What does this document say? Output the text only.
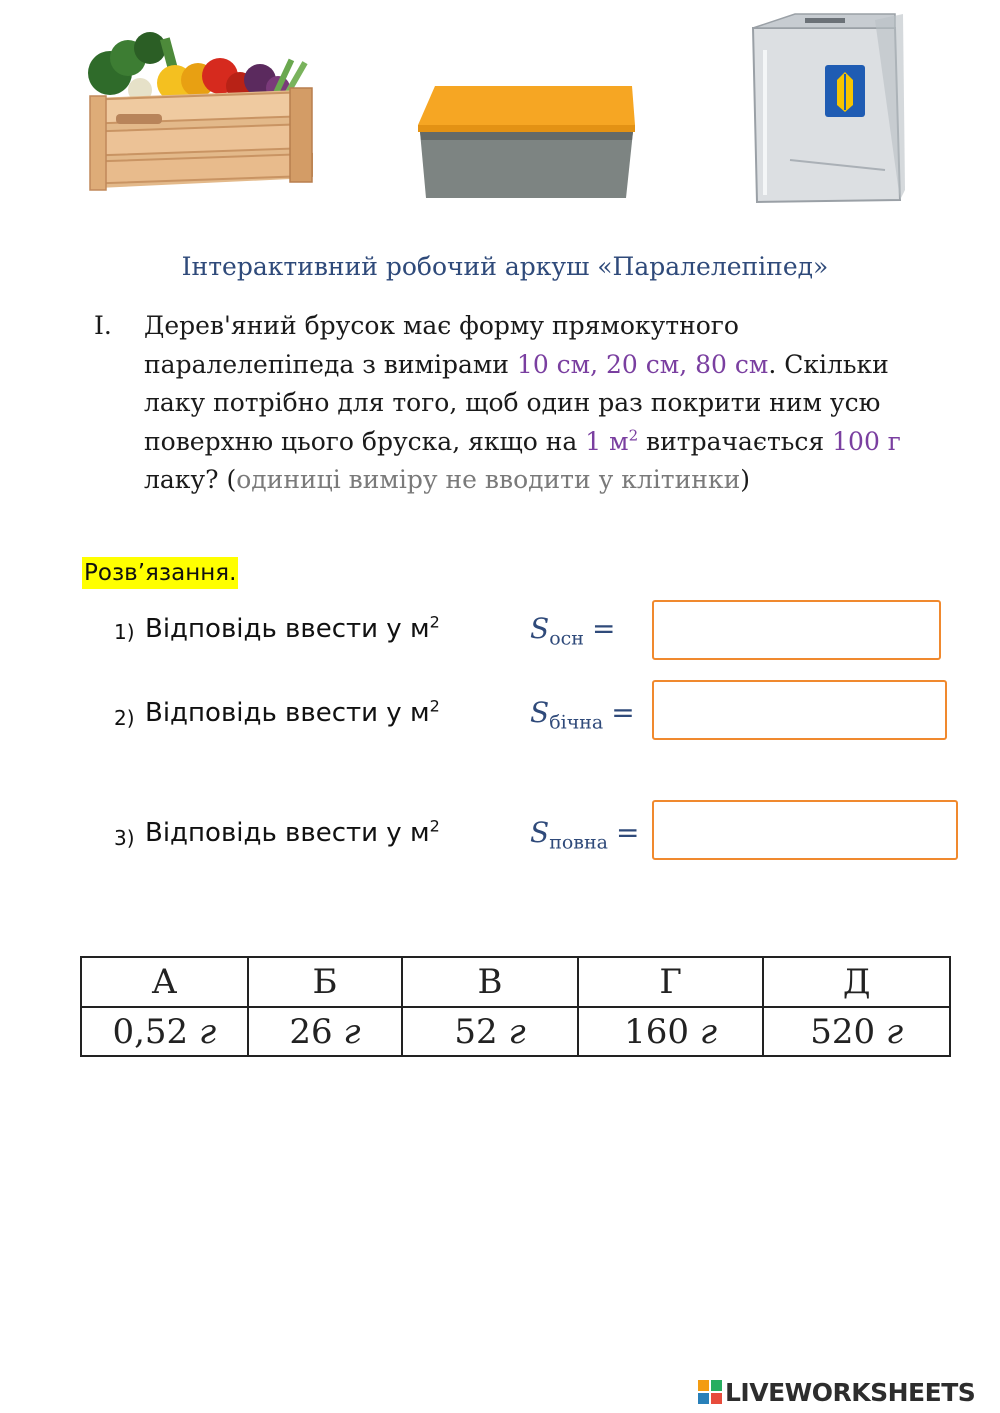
Інтерактивний робочий аркуш «Паралелепіпед»
I. Дерев'яний брусок має форму прямокутного паралелепіпеда з вимірами 10 см, 20 см, 80 см. Скільки лаку потрібно для того, щоб один раз покрити ним усю поверхню цього бруска, якщо на 1 $м^2$ витрачається 100 г лаку? (одиниці виміру не вводити у клітинки)
Розв’язання.
1) Відповідь ввести у $м^2$	$S_{осн}$ =
2) Відповідь ввести у $м^2$	$S_{бічна}$ =
3) Відповідь ввести у $м^2$	$S_{повна}$ =
А	Б	В	Г	Д
0,52 г	26 г	52 г	160 г	520 г
LIVEWORKSHEETS
